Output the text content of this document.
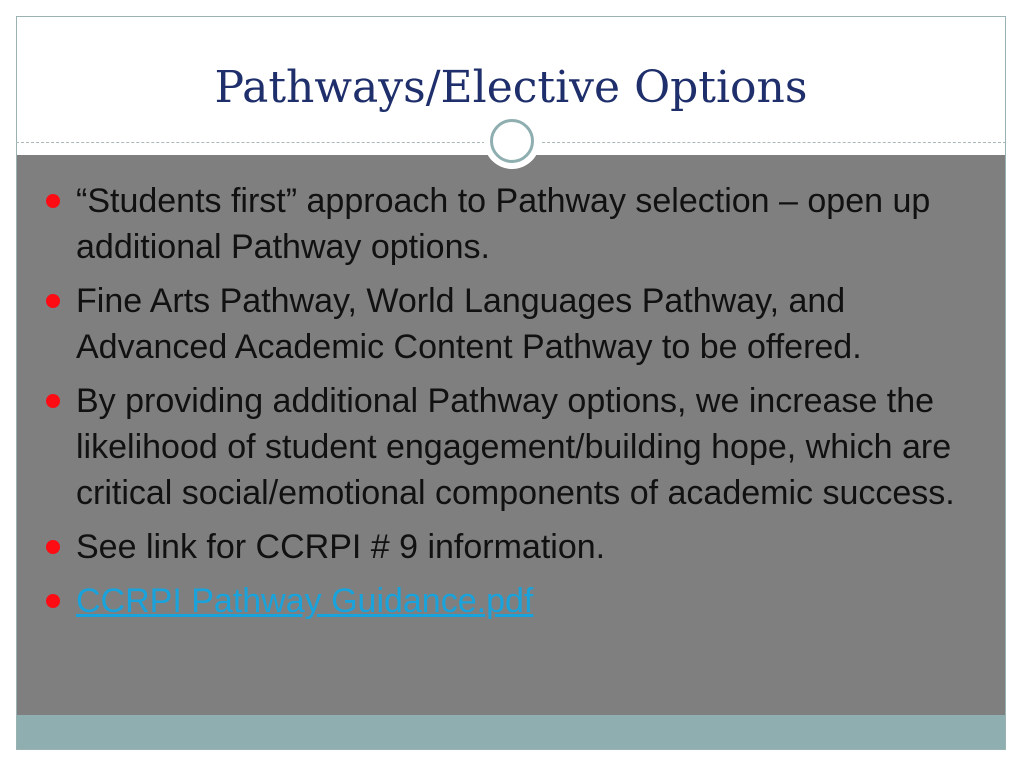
Pathways/Elective Options
“Students first” approach to Pathway selection – open up additional Pathway options.
Fine Arts Pathway, World Languages Pathway, and Advanced Academic Content Pathway to be offered.
By providing additional Pathway options, we increase the likelihood of student engagement/building hope, which are critical social/emotional components of academic success.
See link for CCRPI # 9 information.
CCRPI Pathway Guidance.pdf
